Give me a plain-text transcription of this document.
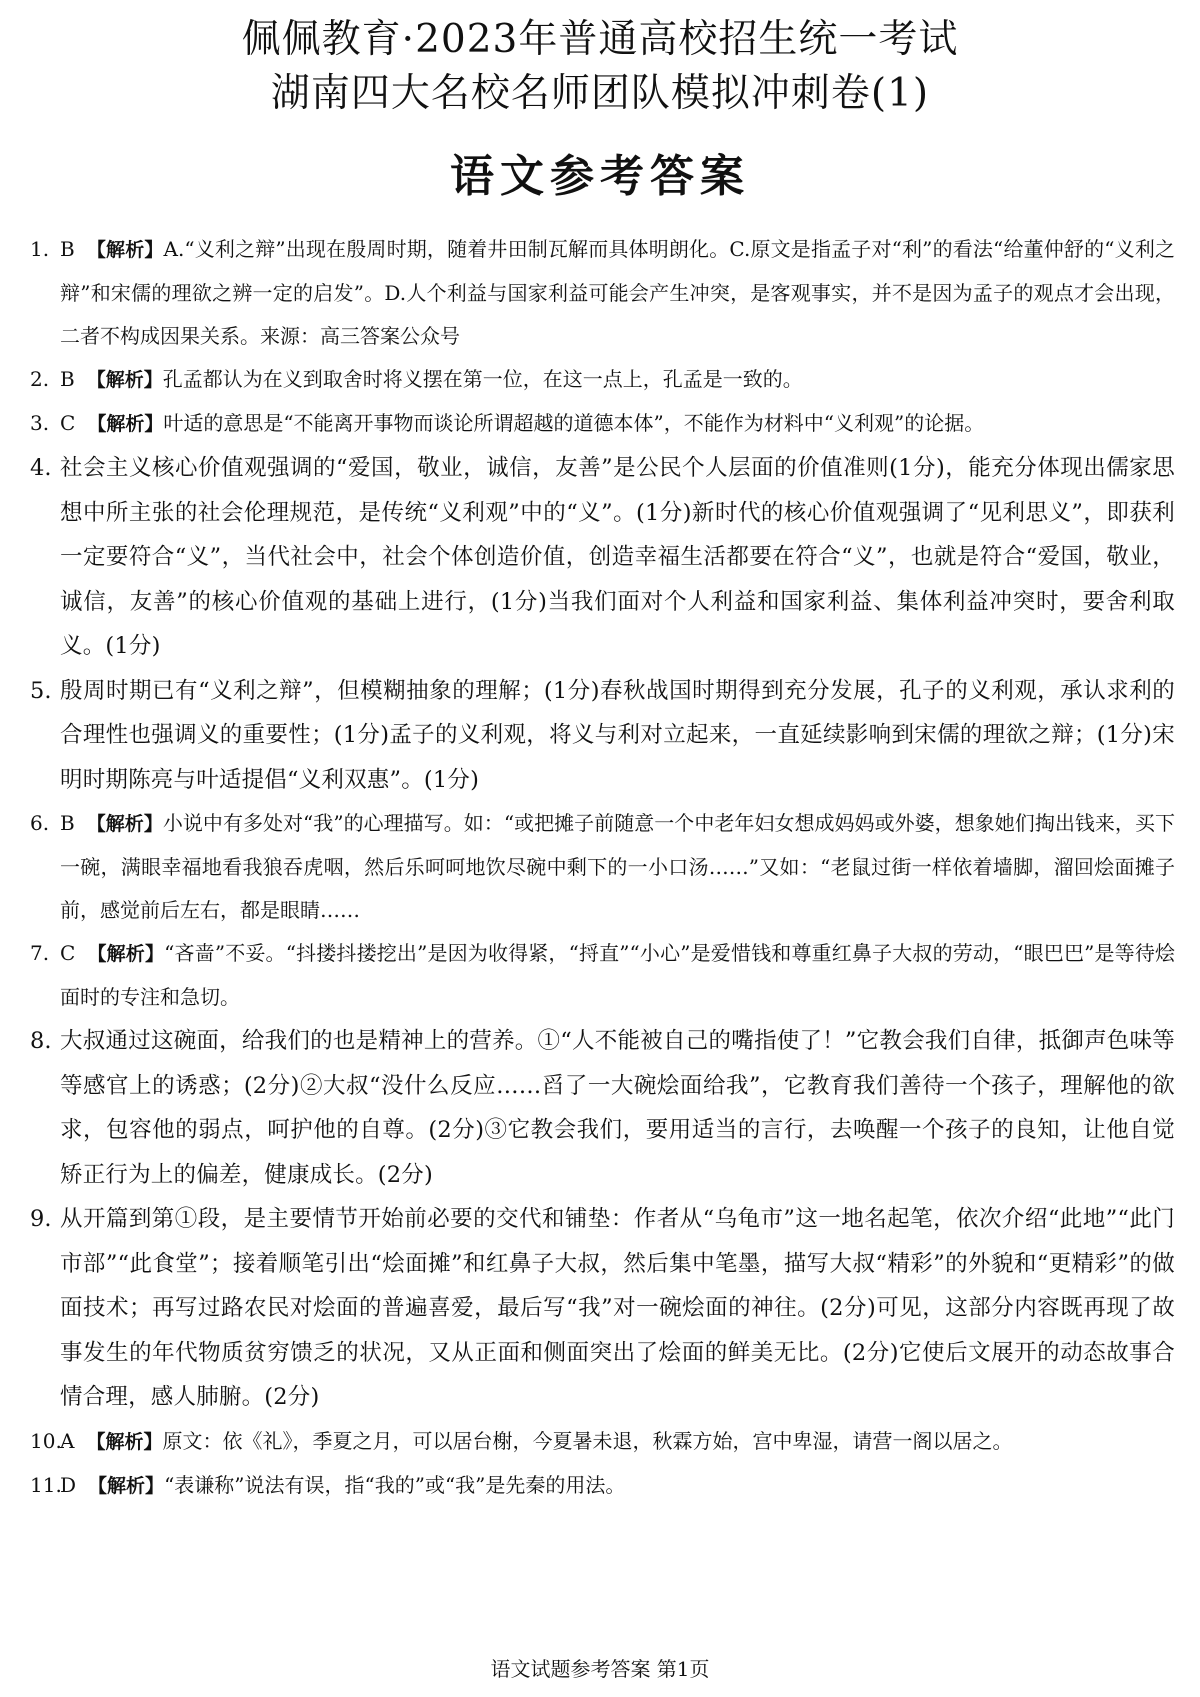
佩佩教育·2023年普通高校招生统一考试
湖南四大名校名师团队模拟冲刺卷(1)
语文参考答案
1. B 【解析】A.“义利之辩”出现在殷周时期，随着井田制瓦解而具体明朗化。C.原文是指孟子对“利”的看法“给董仲舒的“义利之辩”和宋儒的理欲之辨一定的启发”。D.人个利益与国家利益可能会产生冲突，是客观事实，并不是因为孟子的观点才会出现，二者不构成因果关系。来源：高三答案公众号
2. B 【解析】孔孟都认为在义到取舍时将义摆在第一位，在这一点上，孔孟是一致的。
3. C 【解析】叶适的意思是“不能离开事物而谈论所谓超越的道德本体”，不能作为材料中“义利观”的论据。
4. 社会主义核心价值观强调的“爱国，敬业，诚信，友善”是公民个人层面的价值准则(1分)，能充分体现出儒家思想中所主张的社会伦理规范，是传统“义利观”中的“义”。(1分)新时代的核心价值观强调了“见利思义”，即获利一定要符合“义”，当代社会中，社会个体创造价值，创造幸福生活都要在符合“义”，也就是符合“爱国，敬业，诚信，友善”的核心价值观的基础上进行，(1分)当我们面对个人利益和国家利益、集体利益冲突时，要舍利取义。(1分)
5. 殷周时期已有“义利之辩”，但模糊抽象的理解；(1分)春秋战国时期得到充分发展，孔子的义利观，承认求利的合理性也强调义的重要性；(1分)孟子的义利观，将义与利对立起来，一直延续影响到宋儒的理欲之辩；(1分)宋明时期陈亮与叶适提倡“义利双惠”。(1分)
6. B 【解析】小说中有多处对“我”的心理描写。如：“或把摊子前随意一个中老年妇女想成妈妈或外婆，想象她们掏出钱来，买下一碗，满眼幸福地看我狼吞虎咽，然后乐呵呵地饮尽碗中剩下的一小口汤……”又如：“老鼠过街一样依着墙脚，溜回烩面摊子前，感觉前后左右，都是眼睛……
7. C 【解析】“吝啬”不妥。“抖搂抖搂挖出”是因为收得紧，“捋直”“小心”是爱惜钱和尊重红鼻子大叔的劳动，“眼巴巴”是等待烩面时的专注和急切。
8. 大叔通过这碗面，给我们的也是精神上的营养。①“人不能被自己的嘴指使了！”它教会我们自律，抵御声色味等等感官上的诱惑；(2分)②大叔“没什么反应……舀了一大碗烩面给我”，它教育我们善待一个孩子，理解他的欲求，包容他的弱点，呵护他的自尊。(2分)③它教会我们，要用适当的言行，去唤醒一个孩子的良知，让他自觉矫正行为上的偏差，健康成长。(2分)
9. 从开篇到第①段，是主要情节开始前必要的交代和铺垫：作者从“乌龟市”这一地名起笔，依次介绍“此地”“此门市部”“此食堂”；接着顺笔引出“烩面摊”和红鼻子大叔，然后集中笔墨，描写大叔“精彩”的外貌和“更精彩”的做面技术；再写过路农民对烩面的普遍喜爱，最后写“我”对一碗烩面的神往。(2分)可见，这部分内容既再现了故事发生的年代物质贫穷馈乏的状况，又从正面和侧面突出了烩面的鲜美无比。(2分)它使后文展开的动态故事合情合理，感人肺腑。(2分)
10.
A 【解析】原文：依《礼》，季夏之月，可以居台榭，今夏暑未退，秋霖方始，宫中卑湿，请营一阁以居之。
11.
D 【解析】“表谦称”说法有误，指“我的”或“我”是先秦的用法。
语文试题参考答案 第1页
